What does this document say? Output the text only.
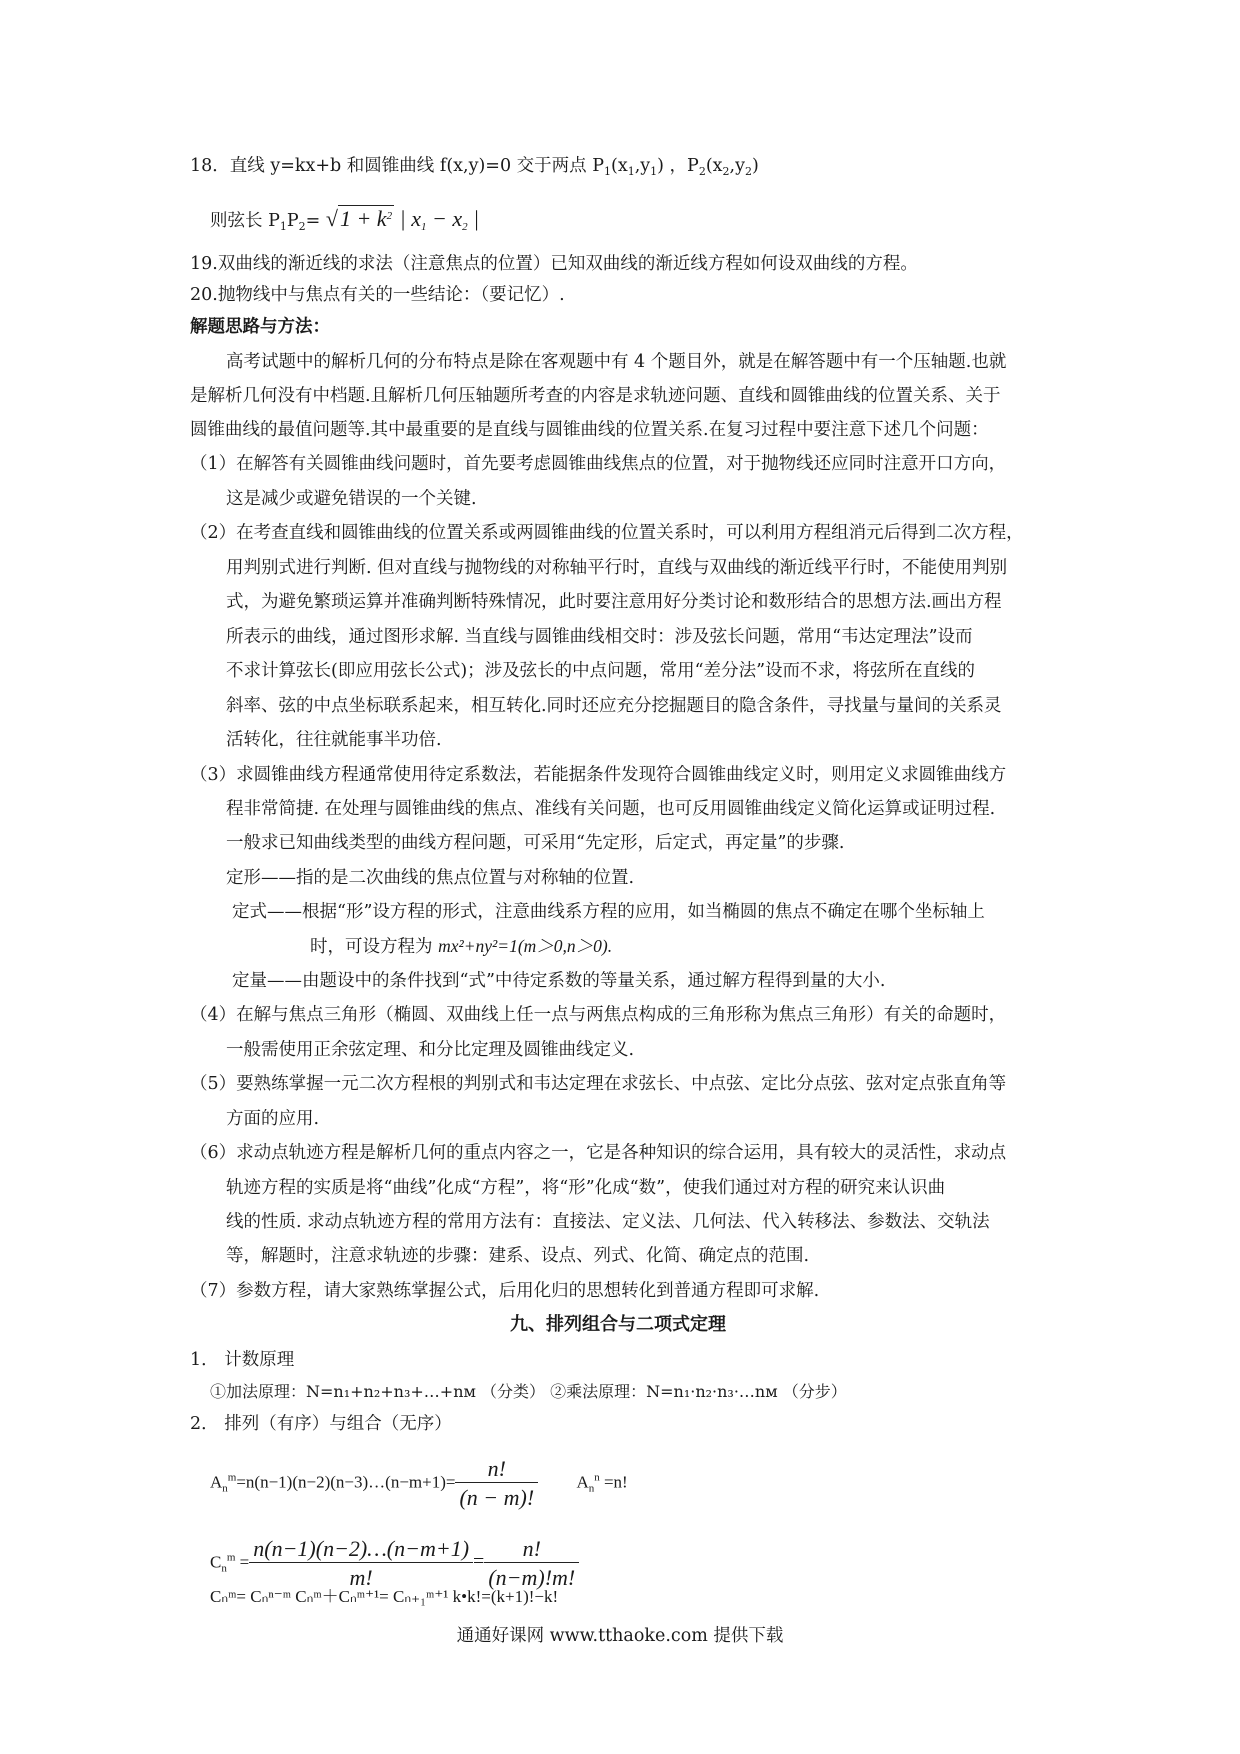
18．直线 y=kx+b 和圆锥曲线 f(x,y)=0 交于两点 $P_1(x_1,y_1)$ ，$P_2(x_2,y_2)$
则弦长 $P_1P_2= √1 + k^2$ | $x_1 - x_2$ |
19.双曲线的渐近线的求法（注意焦点的位置）已知双曲线的渐近线方程如何设双曲线的方程。
20.抛物线中与焦点有关的一些结论：（要记忆）.
解题思路与方法：
高考试题中的解析几何的分布特点是除在客观题中有 4 个题目外，就是在解答题中有一个压轴题.也就
是解析几何没有中档题.且解析几何压轴题所考查的内容是求轨迹问题、直线和圆锥曲线的位置关系、关于
圆锥曲线的最值问题等.其中最重要的是直线与圆锥曲线的位置关系.在复习过程中要注意下述几个问题：
（1）在解答有关圆锥曲线问题时，首先要考虑圆锥曲线焦点的位置，对于抛物线还应同时注意开口方向，
这是减少或避免错误的一个关键.
（2）在考查直线和圆锥曲线的位置关系或两圆锥曲线的位置关系时，可以利用方程组消元后得到二次方程，
用判别式进行判断. 但对直线与抛物线的对称轴平行时，直线与双曲线的渐近线平行时，不能使用判别
式，为避免繁琐运算并准确判断特殊情况，此时要注意用好分类讨论和数形结合的思想方法.画出方程
所表示的曲线，通过图形求解. 当直线与圆锥曲线相交时：涉及弦长问题，常用“韦达定理法”设而
不求计算弦长(即应用弦长公式)；涉及弦长的中点问题，常用“差分法”设而不求，将弦所在直线的
斜率、弦的中点坐标联系起来，相互转化.同时还应充分挖掘题目的隐含条件，寻找量与量间的关系灵
活转化，往往就能事半功倍.
（3）求圆锥曲线方程通常使用待定系数法，若能据条件发现符合圆锥曲线定义时，则用定义求圆锥曲线方
程非常简捷. 在处理与圆锥曲线的焦点、准线有关问题，也可反用圆锥曲线定义简化运算或证明过程.
一般求已知曲线类型的曲线方程问题，可采用“先定形，后定式，再定量”的步骤.
定形——指的是二次曲线的焦点位置与对称轴的位置.
定式——根据“形”设方程的形式，注意曲线系方程的应用，如当椭圆的焦点不确定在哪个坐标轴上
时，可设方程为 mx²+ny²=1(m＞0,n＞0).
定量——由题设中的条件找到“式”中待定系数的等量关系，通过解方程得到量的大小.
（4）在解与焦点三角形（椭圆、双曲线上任一点与两焦点构成的三角形称为焦点三角形）有关的命题时，
一般需使用正余弦定理、和分比定理及圆锥曲线定义.
（5）要熟练掌握一元二次方程根的判别式和韦达定理在求弦长、中点弦、定比分点弦、弦对定点张直角等
方面的应用.
（6）求动点轨迹方程是解析几何的重点内容之一，它是各种知识的综合运用，具有较大的灵活性，求动点
轨迹方程的实质是将“曲线”化成“方程”，将“形”化成“数”，使我们通过对方程的研究来认识曲
线的性质. 求动点轨迹方程的常用方法有：直接法、定义法、几何法、代入转移法、参数法、交轨法
等，解题时，注意求轨迹的步骤：建系、设点、列式、化简、确定点的范围.
（7）参数方程，请大家熟练掌握公式，后用化归的思想转化到普通方程即可求解.
九、排列组合与二项式定理
1． 计数原理
①加法原理：N=n₁+n₂+n₃+…+nм （分类） ②乘法原理：N=n₁·n₂·n₃·…nм （分步）
2． 排列（有序）与组合（无序）
$A_n^m=n(n-1)(n-2)(n-3)\dots(n-m+1)= \frac{n!}{(n - m)!} A_n^n =n$!
$C_n^m = \frac{n(n-1)(n-2)\dots(n-m+1)}{m!} = \frac{n!}{(n-m)!m!}$
Cₙᵐ= Cₙⁿ⁻ᵐ Cₙᵐ＋Cₙᵐ⁺¹= Cₙ₊₁ᵐ⁺¹ k•k!=(k+1)!−k!
通通好课网 www.tthaoke.com 提供下载
